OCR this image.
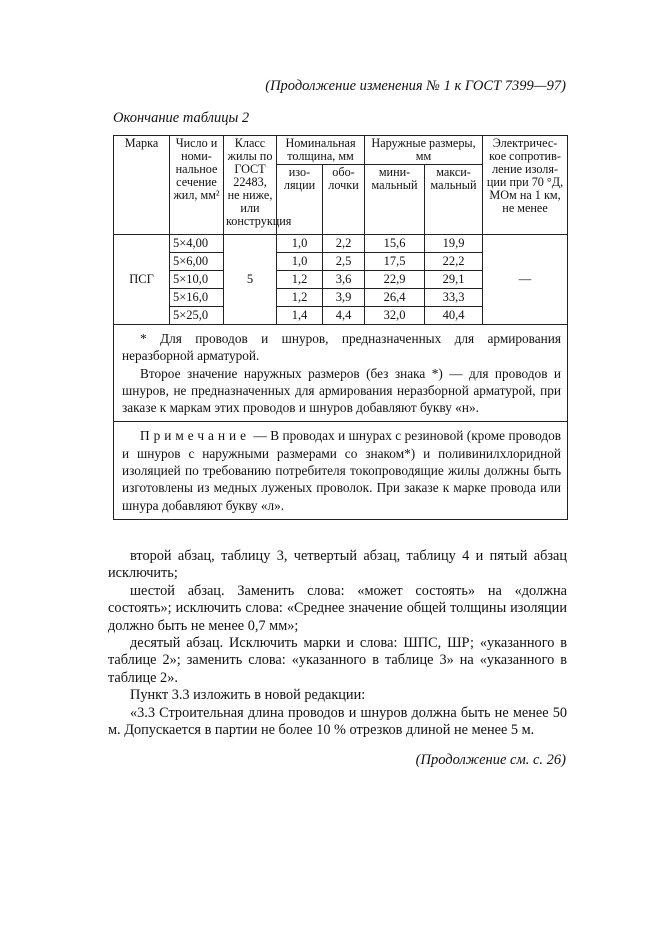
(Продолжение изменения № 1 к ГОСТ 7399—97)
Окончание таблицы 2
Марка	Число и номи-нальное сечение жил, мм²	Класс жилы по ГОСТ 22483, не ниже, или конструкция	Номинальная толщина, мм		Наружные размеры, мм		Электричес-кое сопротив-ление изоля-ции при 70 °Д, МОм на 1 км, не менее
			изо-ляции	обо-лочки	мини-мальный	макси-мальный	
ПСГ	5×4,00	5	1,0	2,2	15,6	19,9	—
	5×6,00		1,0	2,5	17,5	22,2	
	5×10,0		1,2	3,6	22,9	29,1	
	5×16,0		1,2	3,9	26,4	33,3	
	5×25,0		1,4	4,4	32,0	40,4	

* Для проводов и шнуров, предназначенных для армирования неразборной арматурой.

Второе значение наружных размеров (без знака *) — для проводов и шнуров, не предназначенных для армирования неразборной арматурой, при заказе к маркам этих проводов и шнуров добавляют букву «н».							

Примечание — В проводах и шнурах с резиновой (кроме проводов и шнуров с наружными размерами со знаком*) и поливинилхлоридной изоляцией по требованию потребителя токопроводящие жилы должны быть изготовлены из медных луженых проволок. При заказе к марке провода или шнура добавляют букву «л».							

второй абзац, таблицу 3, четвертый абзац, таблицу 4 и пятый абзац исключить;

шестой абзац. Заменить слова: «может состоять» на «должна состоять»; исключить слова: «Среднее значение общей толщины изоляции должно быть не менее 0,7 мм»;

десятый абзац. Исключить марки и слова: ШПС, ШР; «указанного в таблице 2»; заменить слова: «указанного в таблице 3» на «указанного в таблице 2».

Пункт 3.3 изложить в новой редакции:

«3.3 Строительная длина проводов и шнуров должна быть не менее 50 м. Допускается в партии не более 10 % отрезков длиной не менее 5 м.

(Продолжение см. с. 26)
